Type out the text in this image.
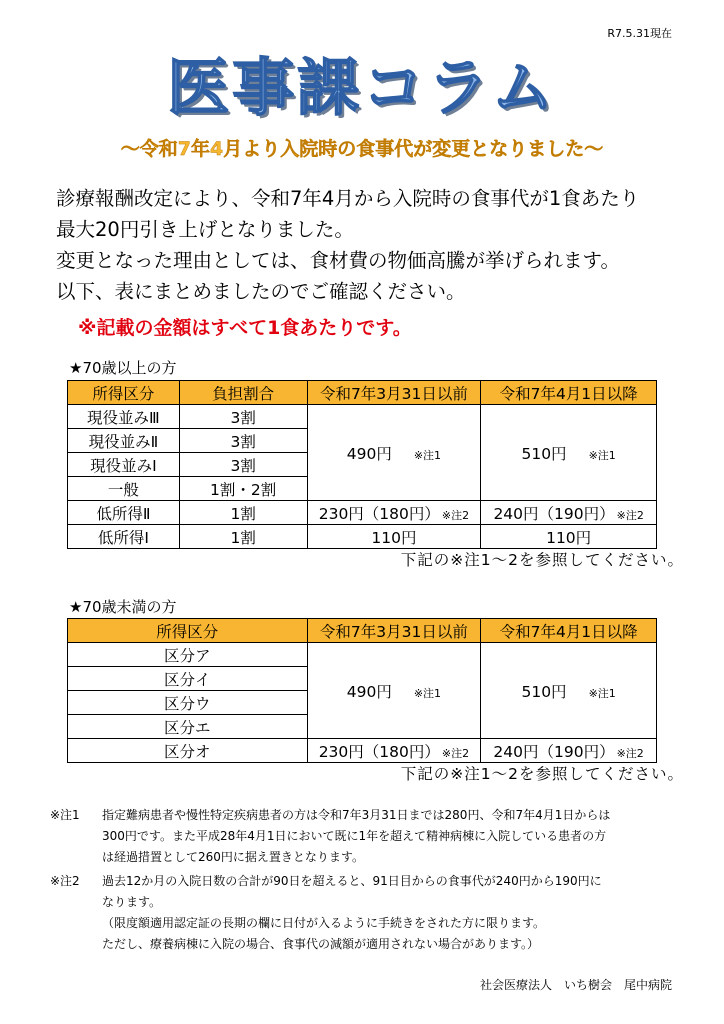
R7.5.31現在
医事課コラム
〜令和7年4月より入院時の食事代が変更となりました〜

診療報酬改定により、令和7年4月から入院時の食事代が1食あたり

最大20円引き上げとなりました。

変更となった理由としては、食材費の物価高騰が挙げられます。

以下、表にまとめましたのでご確認ください。

※記載の金額はすべて1食あたりです。
★70歳以上の方
所得区分	負担割合	令和7年3月31日以前	令和7年4月1日以降
現役並みⅢ	3割	490円 ※注1	510円 ※注1
現役並みⅡ	3割		
現役並みⅠ	3割		
一般	1割・2割		
低所得Ⅱ	1割	230円（180円） ※注2	240円（190円） ※注2
低所得Ⅰ	1割	110円	110円
下記の※注1〜2を参照してください。
★70歳未満の方
所得区分	令和7年3月31日以前	令和7年4月1日以降
区分ア	490円 ※注1	510円 ※注1
区分イ		
区分ウ		
区分エ		
区分オ	230円（180円） ※注2	240円（190円） ※注2
下記の※注1〜2を参照してください。
※注1	指定難病患者や慢性特定疾病患者の方は令和7年3月31日までは280円、令和7年4月1日からは

300円です。また平成28年4月1日において既に1年を超えて精神病棟に入院している患者の方

は経過措置として260円に据え置きとなります。

※注2	過去12か月の入院日数の合計が90日を超えると、91日目からの食事代が240円から190円に

なります。

（限度額適用認定証の長期の欄に日付が入るように手続きをされた方に限ります。

ただし、療養病棟に入院の場合、食事代の減額が適用されない場合があります。）

社会医療法人　いち樹会　尾中病院
